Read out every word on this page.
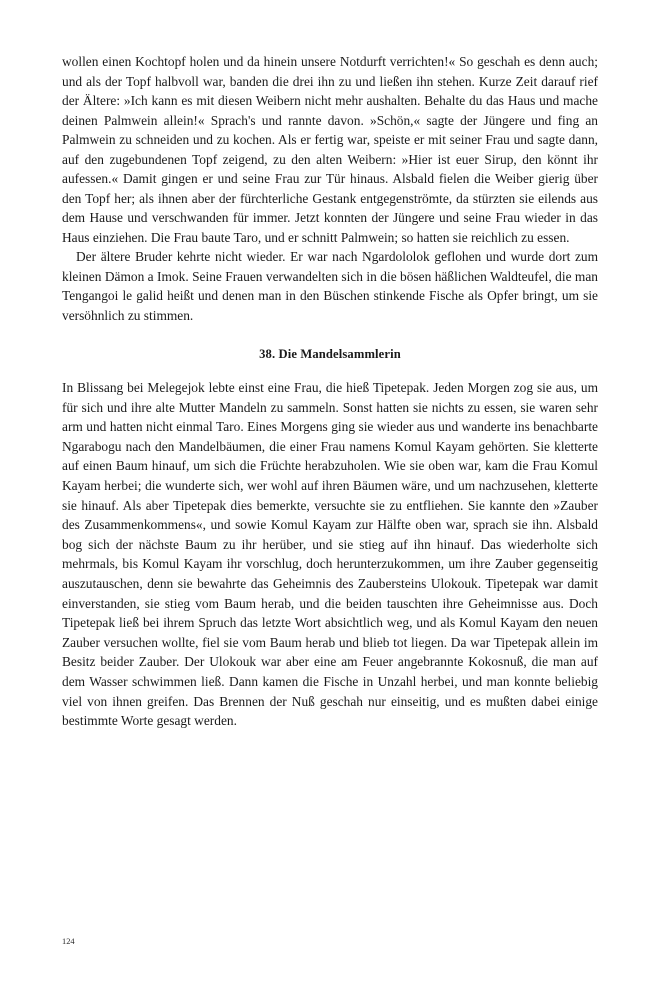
wollen einen Kochtopf holen und da hinein unsere Notdurft verrichten!« So geschah es denn auch; und als der Topf halbvoll war, banden die drei ihn zu und ließen ihn stehen. Kurze Zeit darauf rief der Ältere: »Ich kann es mit diesen Weibern nicht mehr aushalten. Behalte du das Haus und mache deinen Palmwein allein!« Sprach's und rannte davon. »Schön,« sagte der Jüngere und fing an Palmwein zu schneiden und zu kochen. Als er fertig war, speiste er mit seiner Frau und sagte dann, auf den zugebundenen Topf zeigend, zu den alten Weibern: »Hier ist euer Sirup, den könnt ihr aufessen.« Damit gingen er und seine Frau zur Tür hinaus. Alsbald fielen die Weiber gierig über den Topf her; als ihnen aber der fürchterliche Gestank entgegenströmte, da stürzten sie eilends aus dem Hause und verschwanden für immer. Jetzt konnten der Jüngere und seine Frau wieder in das Haus einziehen. Die Frau baute Taro, und er schnitt Palmwein; so hatten sie reichlich zu essen.

Der ältere Bruder kehrte nicht wieder. Er war nach Ngardololok geflohen und wurde dort zum kleinen Dämon a Imok. Seine Frauen verwandelten sich in die bösen häßlichen Waldteufel, die man Tengangoi le galid heißt und denen man in den Büschen stinkende Fische als Opfer bringt, um sie versöhnlich zu stimmen.

38. Die Mandelsammlerin

In Blissang bei Melegejok lebte einst eine Frau, die hieß Tipetepak. Jeden Morgen zog sie aus, um für sich und ihre alte Mutter Mandeln zu sammeln. Sonst hatten sie nichts zu essen, sie waren sehr arm und hatten nicht einmal Taro. Eines Morgens ging sie wieder aus und wanderte ins benachbarte Ngarabogu nach den Mandelbäumen, die einer Frau namens Komul Kayam gehörten. Sie kletterte auf einen Baum hinauf, um sich die Früchte herabzuholen. Wie sie oben war, kam die Frau Komul Kayam herbei; die wunderte sich, wer wohl auf ihren Bäumen wäre, und um nachzusehen, kletterte sie hinauf. Als aber Tipetepak dies bemerkte, versuchte sie zu entfliehen. Sie kannte den »Zauber des Zusammenkommens«, und sowie Komul Kayam zur Hälfte oben war, sprach sie ihn. Alsbald bog sich der nächste Baum zu ihr herüber, und sie stieg auf ihn hinauf. Das wiederholte sich mehrmals, bis Komul Kayam ihr vorschlug, doch herunterzukommen, um ihre Zauber gegenseitig auszutauschen, denn sie bewahrte das Geheimnis des Zaubersteins Ulokouk. Tipetepak war damit einverstanden, sie stieg vom Baum herab, und die beiden tauschten ihre Geheimnisse aus. Doch Tipetepak ließ bei ihrem Spruch das letzte Wort absichtlich weg, und als Komul Kayam den neuen Zauber versuchen wollte, fiel sie vom Baum herab und blieb tot liegen. Da war Tipetepak allein im Besitz beider Zauber. Der Ulokouk war aber eine am Feuer angebrannte Kokosnuß, die man auf dem Wasser schwimmen ließ. Dann kamen die Fische in Unzahl herbei, und man konnte beliebig viel von ihnen greifen. Das Brennen der Nuß geschah nur einseitig, und es mußten dabei einige bestimmte Worte gesagt werden.

124
